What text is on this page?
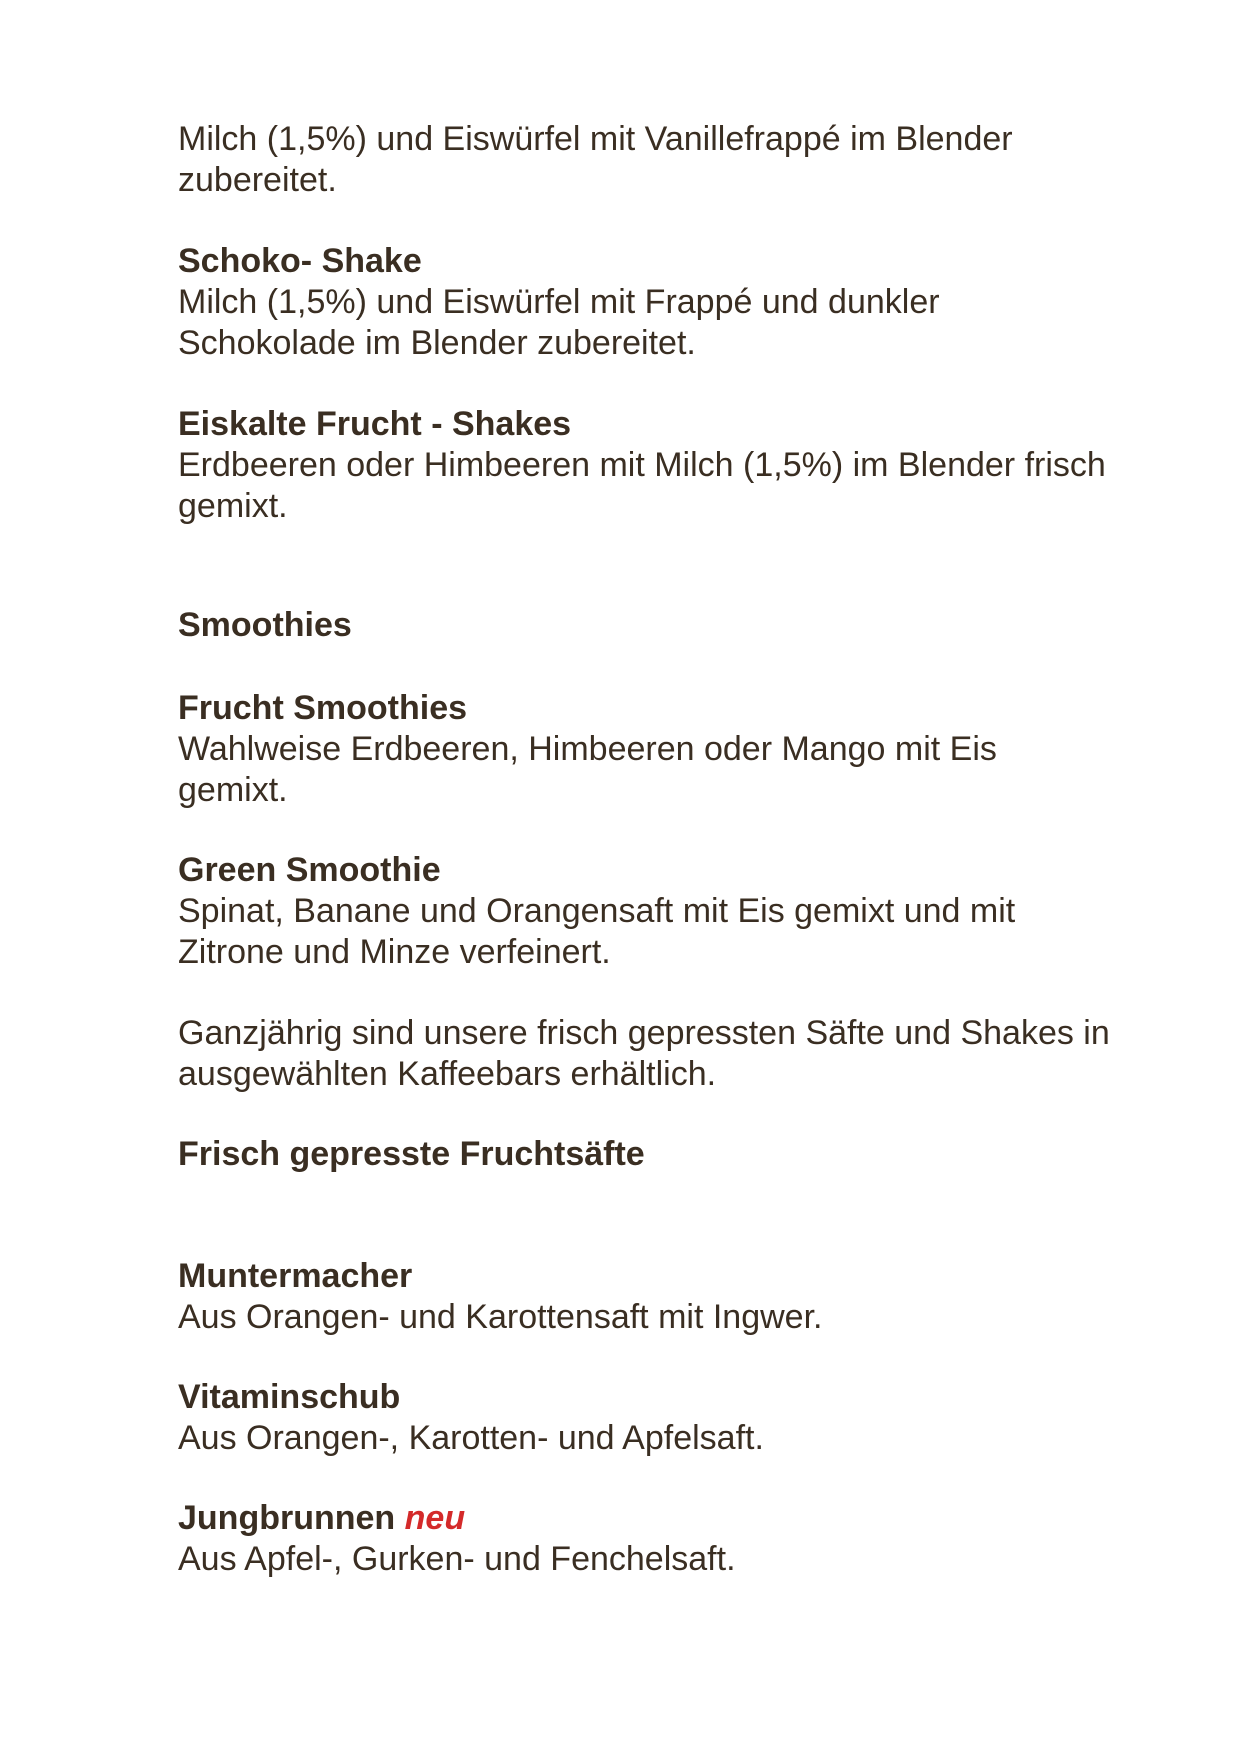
Milch (1,5%) und Eiswürfel mit Vanillefrappé im Blender
zubereitet.
Schoko- Shake
Milch (1,5%) und Eiswürfel mit Frappé und dunkler
Schokolade im Blender zubereitet.
Eiskalte Frucht - Shakes
Erdbeeren oder Himbeeren mit Milch (1,5%) im Blender frisch
gemixt.
Smoothies
Frucht Smoothies
Wahlweise Erdbeeren, Himbeeren oder Mango mit Eis
gemixt.
Green Smoothie
Spinat, Banane und Orangensaft mit Eis gemixt und mit
Zitrone und Minze verfeinert.
Ganzjährig sind unsere frisch gepressten Säfte und Shakes in
ausgewählten Kaffeebars erhältlich.
Frisch gepresste Fruchtsäfte
Muntermacher
Aus Orangen- und Karottensaft mit Ingwer.
Vitaminschub
Aus Orangen-, Karotten- und Apfelsaft.
Jungbrunnen neu
Aus Apfel-, Gurken- und Fenchelsaft.
